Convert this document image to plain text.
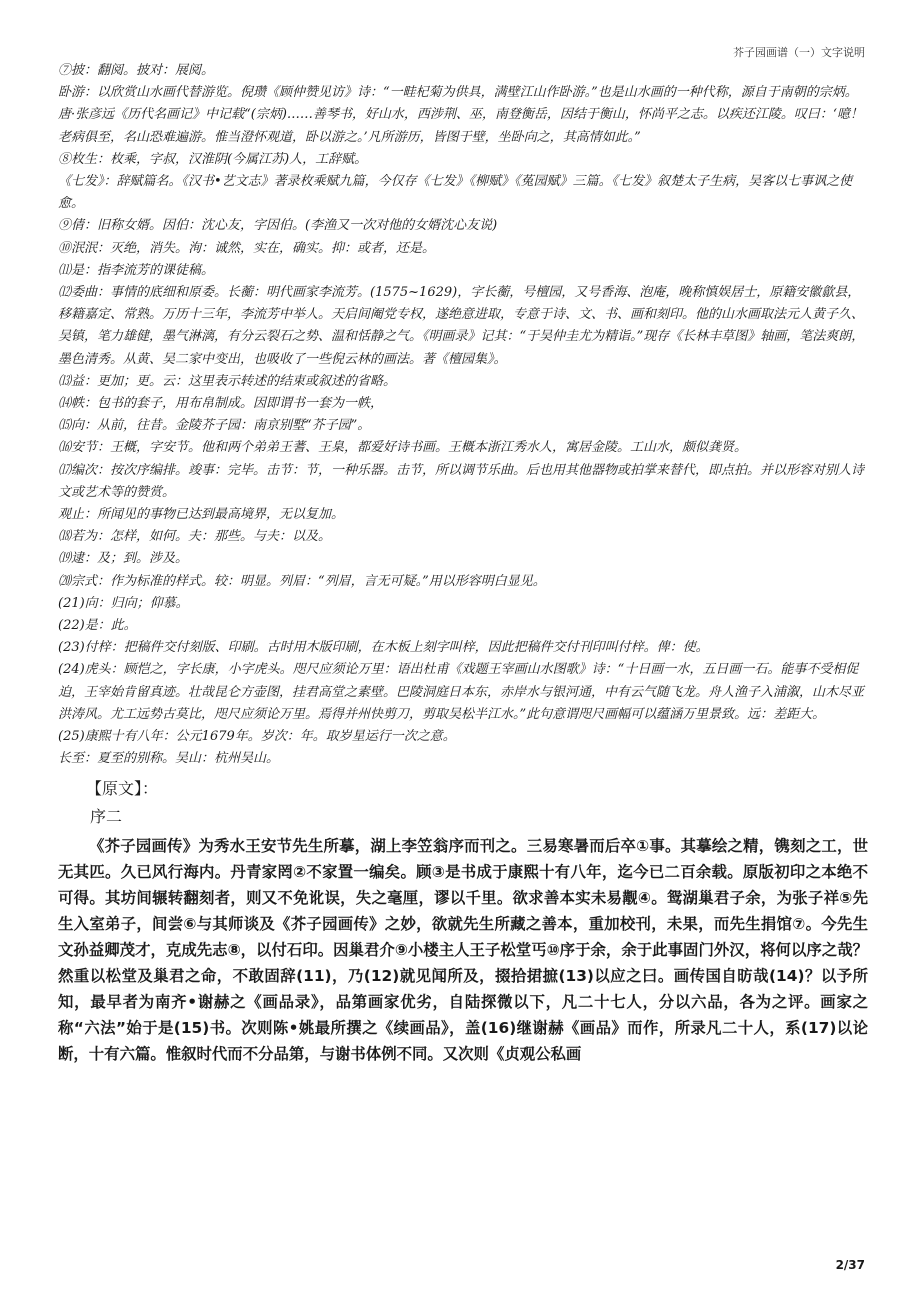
芥子园画谱（一）文字说明

⑦披：翻阅。披对：展阅。

卧游：以欣赏山水画代替游览。倪瓒《顾仲赞见访》诗：“一畦杞菊为供具，满壁江山作卧游。”也是山水画的一种代称，源自于南朝的宗炳。唐·张彦远《历代名画记》中记载“(宗炳)……善琴书，好山水，西涉荆、巫，南登衡岳，因结于衡山，怀尚平之志。以疾还江陵。叹曰：‘噫！老病俱至，名山恐难遍游。惟当澄怀观道，卧以游之。’凡所游历，皆图于壁，坐卧向之，其高情如此。”

⑧枚生：枚乘，字叔，汉淮阴(今属江苏)人，工辞赋。

《七发》：辞赋篇名。《汉书•艺文志》著录枚乘赋九篇，今仅存《七发》《柳赋》《菟园赋》三篇。《七发》叙楚太子生病，吴客以七事讽之使愈。

⑨倩：旧称女婿。因伯：沈心友，字因伯。(李渔又一次对他的女婿沈心友说)

⑩泯泯：灭绝，消失。洵：诚然，实在，确实。抑：或者，还是。

⑾是：指李流芳的课徒稿。

⑿委曲：事情的底细和原委。长蘅：明代画家李流芳。(1575~1629)，字长蘅，号檀园，又号香海、泡庵，晚称慎娱居士，原籍安徽歙县，移籍嘉定、常熟。万历十三年，李流芳中举人。天启间阉党专权，遂绝意进取，专意于诗、文、书、画和刻印。他的山水画取法元人黄子久、吴镇，笔力雄健，墨气淋漓，有分云裂石之势、温和恬静之气。《明画录》记其：“于吴仲圭尤为精诣。”现存《长林丰草图》轴画，笔法爽朗，墨色清秀。从黄、吴二家中变出，也吸收了一些倪云林的画法。著《檀园集》。

⒀益：更加；更。云：这里表示转述的结束或叙述的省略。

⒁帙：包书的套子，用布帛制成。因即谓书一套为一帙，

⒂向：从前，往昔。金陵芥子园：南京别墅“芥子园”。

⒃安节：王概，字安节。他和两个弟弟王蓍、王臬，都爱好诗书画。王概本浙江秀水人，寓居金陵。工山水，颇似龚贤。

⒄编次：按次序编排。竣事：完毕。击节：节，一种乐器。击节，所以调节乐曲。后也用其他器物或拍掌来替代，即点拍。并以形容对别人诗文或艺术等的赞赏。

观止：所闻见的事物已达到最高境界，无以复加。

⒅若为：怎样，如何。夫：那些。与夫：以及。

⒆逮：及；到。涉及。

⒇宗式：作为标准的样式。较：明显。列眉：“列眉，言无可疑。”用以形容明白显见。

(21)向：归向；仰慕。

(22)是：此。

(23)付梓：把稿件交付刻版、印刷。古时用木版印刷，在木板上刻字叫梓，因此把稿件交付刊印叫付梓。俾：使。

(24)虎头：顾恺之，字长康，小字虎头。咫尺应须论万里：语出杜甫《戏题王宰画山水图歌》诗：“十日画一水，五日画一石。能事不受相促迫，王宰始肯留真迹。壮哉昆仑方壶图，挂君高堂之素壁。巴陵洞庭日本东，赤岸水与银河通，中有云气随飞龙。舟人渔子入浦溆，山木尽亚洪涛风。尤工远势古莫比，咫尺应须论万里。焉得并州快剪刀，剪取吴松半江水。”此句意谓咫尺画幅可以蕴涵万里景致。远：差距大。

(25)康熙十有八年：公元1679年。岁次：年。取岁星运行一次之意。

长至：夏至的别称。吴山：杭州吴山。

【原文】：

序二

《芥子园画传》为秀水王安节先生所摹，湖上李笠翁序而刊之。三易寒暑而后卒①事。其摹绘之精，镌刻之工，世无其匹。久已风行海内。丹青家罔②不家置一编矣。顾③是书成于康熙十有八年，迄今已二百余载。原版初印之本绝不可得。其坊间辗转翻刻者，则又不免讹误，失之毫厘，谬以千里。欲求善本实未易觏④。鸳湖巢君子余，为张子祥⑤先生入室弟子，间尝⑥与其师谈及《芥子园画传》之妙，欲就先生所藏之善本，重加校刊，未果，而先生捐馆⑦。今先生文孙益卿茂才，克成先志⑧，以付石印。因巢君介⑨小楼主人王子松堂丐⑩序于余，余于此事固门外汉，将何以序之哉？然重以松堂及巢君之命，不敢固辞(11)，乃(12)就见闻所及，掇拾捃摭(13)以应之曰。画传国自昉哉(14)？以予所知，最早者为南齐•谢赫之《画品录》，品第画家优劣，自陆探微以下，凡二十七人，分以六品，各为之评。画家之称“六法”始于是(15)书。次则陈•姚最所撰之《续画品》，盖(16)继谢赫《画品》而作，所录凡二十人，系(17)以论断，十有六篇。惟叙时代而不分品第，与谢书体例不同。又次则《贞观公私画

2/37
